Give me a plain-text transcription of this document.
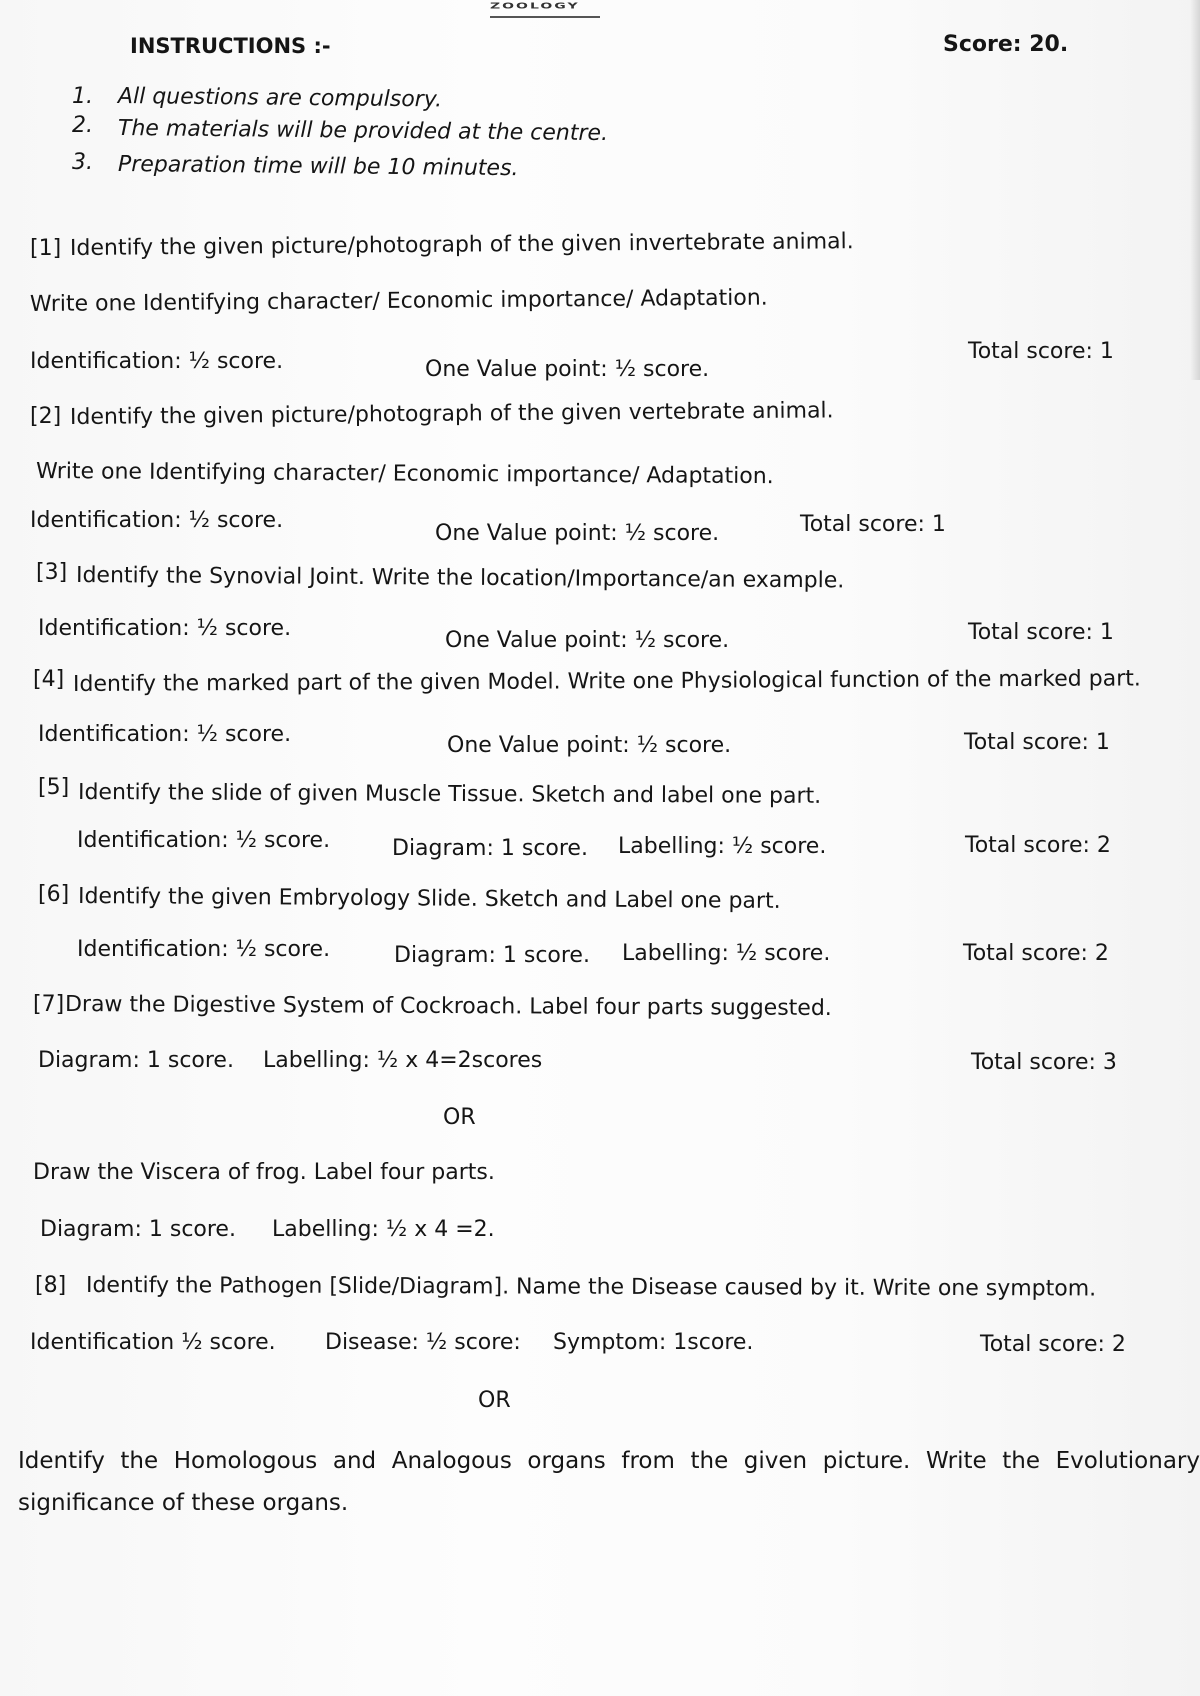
ZOOLOGY
INSTRUCTIONS :-	Score: 20.
1. All questions are compulsory.
2. The materials will be provided at the centre.
3. Preparation time will be 10 minutes.
[1] Identify the given picture/photograph of the given invertebrate animal.
Write one Identifying character/ Economic importance/ Adaptation.
Identification: ½ score.	One Value point: ½ score.
Total score: 1
[2] Identify the given picture/photograph of the given vertebrate animal.
Write one Identifying character/ Economic importance/ Adaptation.
Identification: ½ score.
One Value point: ½ score.	Total score: 1
[3] Identify the Synovial Joint. Write the location/Importance/an example.
Identification: ½ score.	One Value point: ½ score.	Total score: 1
[4] Identify the marked part of the given Model. Write one Physiological function of the marked part.
Identification: ½ score.	One Value point: ½ score.	Total score: 1
[5] Identify the slide of given Muscle Tissue. Sketch and label one part.
Identification: ½ score.	Diagram: 1 score. Labelling: ½ score.	Total score: 2
[6] Identify the given Embryology Slide. Sketch and Label one part.
Identification: ½ score.	Diagram: 1 score. Labelling: ½ score.	Total score: 2
[7] Draw the Digestive System of Cockroach. Label four parts suggested.
Diagram: 1 score. Labelling: ½ x 4=2scores	Total score: 3
OR
Draw the Viscera of frog. Label four parts.
Diagram: 1 score. Labelling: ½ x 4 =2.
[8] Identify the Pathogen [Slide/Diagram]. Name the Disease caused by it. Write one symptom.
Identification ½ score. Disease: ½ score: Symptom: 1score.	Total score: 2
OR
Identify the Homologous and Analogous organs from the given picture. Write the Evolutionary significance of these organs.
